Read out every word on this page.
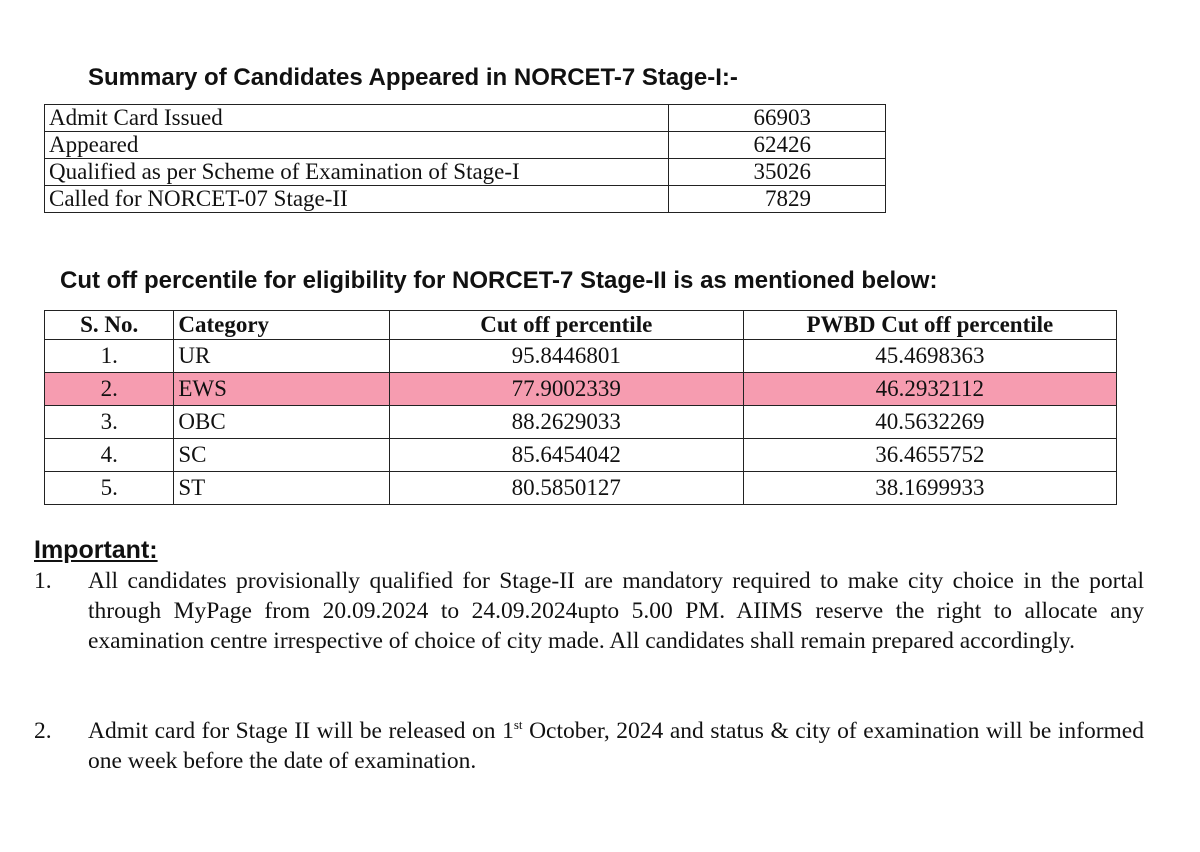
Summary of Candidates Appeared in NORCET-7 Stage-I:-
Admit Card Issued	66903
Appeared	62426
Qualified as per Scheme of Examination of Stage-I	35026
Called for NORCET-07 Stage-II	7829
Cut off percentile for eligibility for NORCET-7 Stage-II is as mentioned below:
S. No.	Category	Cut off percentile	PWBD Cut off percentile
1.	UR	95.8446801	45.4698363
2.	EWS	77.9002339	46.2932112
3.	OBC	88.2629033	40.5632269
4.	SC	85.6454042	36.4655752
5.	ST	80.5850127	38.1699933
Important:
1. All candidates provisionally qualified for Stage-II are mandatory required to make city choice in the portal through MyPage from 20.09.2024 to 24.09.2024upto 5.00 PM. AIIMS reserve the right to allocate any examination centre irrespective of choice of city made. All candidates shall remain prepared accordingly.
2. Admit card for Stage II will be released on 1st October, 2024 and status & city of examination will be informed one week before the date of examination.
